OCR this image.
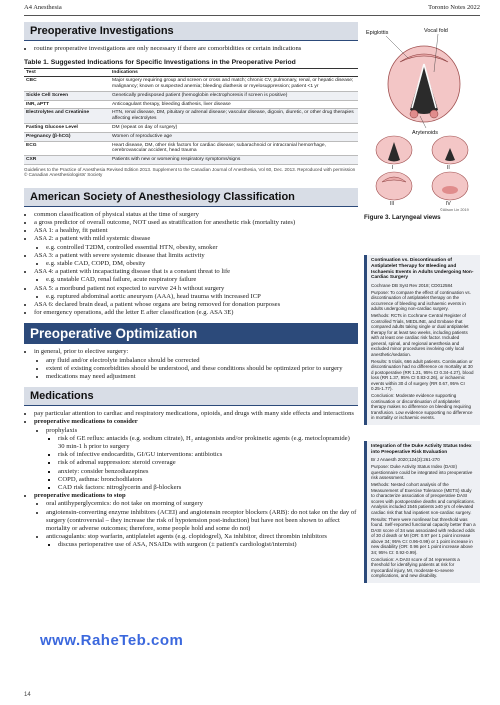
A4 Anesthesia	Toronto Notes 2022
Preoperative Investigations
• routine preoperative investigations are only necessary if there are comorbidities or certain indications
Table 1. Suggested Indications for Specific Investigations in the Preoperative Period
Test	Indications
CBC	Major surgery requiring group and screen or cross and match; chronic CV, pulmonary, renal, or hepatic disease; malignancy; known or suspected anemia; bleeding diathesis or myelosuppression; patient <1 yr
Sickle Cell Screen	Genetically predisposed patient (hemoglobin electrophoresis if screen is positive)
INR, aPTT	Anticoagulant therapy, bleeding diathesis, liver disease
Electrolytes and Creatinine	HTN, renal disease, DM, pituitary or adrenal disease; vascular disease, digoxin, diuretic, or other drug therapies affecting electrolytes
Fasting Glucose Level	DM (repeat on day of surgery)
Pregnancy (β-hCG)	Women of reproductive age
ECG	Heart disease, DM, other risk factors for cardiac disease; subarachnoid or intracranial hemorrhage, cerebrovascular accident, head trauma
CXR	Patients with new or worsening respiratory symptoms/signs
Guidelines to the Practice of Anesthesia Revised Edition 2013. Supplement to the Canadian Journal of Anesthesia, Vol 60, Dec. 2013. Reproduced with permission © Canadian Anesthesiologists' Society
American Society of Anesthesiology Classification
• common classification of physical status at the time of surgery
• a gross predictor of overall outcome, NOT used as stratification for anesthetic risk (mortality rates)
• ASA 1: a healthy, fit patient
• ASA 2: a patient with mild systemic disease
• e.g. controlled T2DM, controlled essential HTN, obesity, smoker
• ASA 3: a patient with severe systemic disease that limits activity
• e.g. stable CAD, COPD, DM, obesity
• ASA 4: a patient with incapacitating disease that is a constant threat to life
• e.g. unstable CAD, renal failure, acute respiratory failure
• ASA 5: a moribund patient not expected to survive 24 h without surgery
• e.g. ruptured abdominal aortic aneurysm (AAA), head trauma with increased ICP
• ASA 6: declared brain dead, a patient whose organs are being removed for donation purposes
• for emergency operations, add the letter E after classification (e.g. ASA 3E)
Preoperative Optimization
• in general, prior to elective surgery:
• any fluid and/or electrolyte imbalance should be corrected
• extent of existing comorbidities should be understood, and these conditions should be optimized prior to surgery
• medications may need adjustment
Medications
• pay particular attention to cardiac and respiratory medications, opioids, and drugs with many side effects and interactions
• preoperative medications to consider
• prophylaxis
▪ risk of GE reflux: antacids (e.g. sodium citrate), H₂ antagonists and/or prokinetic agents (e.g. metoclopramide) 30 min-1 h prior to surgery
▪ risk of infective endocarditis, GI/GU interventions: antibiotics
▪ risk of adrenal suppression: steroid coverage
▪ anxiety: consider benzodiazepines
▪ COPD, asthma: bronchodilators
▪ CAD risk factors: nitroglycerin and β-blockers
• preoperative medications to stop
• oral antihyperglycemics: do not take on morning of surgery
• angiotensin-converting enzyme inhibitors (ACEI) and angiotensin receptor blockers (ARB): do not take on the day of surgery (controversial – they increase the risk of hypotension post-induction) but have not been shown to affect mortality or adverse outcomes; therefore, some people hold and some do not)
• anticoagulants: stop warfarin, antiplatelet agents (e.g. clopidogrel), Xa inhibitor, direct thrombin inhibitors
▪ discuss perioperative use of ASA, NSAIDs with surgeon (± patient's cardiologist/internist)
Epiglottis	Vocal fold
Arytenoids
I	II
III	IV
©Alison Lin 2019
Figure 3. Laryngeal views
Continuation vs. Discontinuation of Antiplatelet Therapy for Bleeding and Ischaemic Events in Adults Undergoing Non-Cardiac Surgery

Cochrane DB Syst Rev 2018; CD012584

Purpose: To compare the effect of continuation vs. discontinuation of antiplatelet therapy on the occurrence of bleeding and ischaemic events in adults undergoing non-cardiac surgery.

Methods: RCTs in Cochrane Central Register of Controlled Trials, MEDLINE, and Embase that compared adults taking single or dual antiplatelet therapy for at least two weeks, including patients with at least one cardiac risk factor. Included general, spinal, and regional anesthesia and excluded minor procedures involving only local anesthetic/sedation.

Results: 5 trials, 666 adult patients. Continuation or discontinuation had no difference on mortality at 30 d postoperative (RR 1.21, 95% CI 0.34-4.27), blood loss (RR 1.37, 95% CI 0.83-2.26), or ischaemic events within 30 d of surgery (RR 0.67, 95% CI 0.25-1.77).

Conclusion: Moderate evidence supporting continuation or discontinuation of antiplatelet therapy makes no difference on bleeding requiring transfusion. Low evidence supporting no difference in mortality or ischaemic events.

Integration of the Duke Activity Status Index into Preoperative Risk Evaluation

Br J Anaesth 2020;124(3):261-270

Purpose: Duke Activity Status Index (DASI) questionnaire could be integrated into preoperative risk assessment.

Methods: Nested cohort analysis of the Measurement of Exercise Tolerance (METS) study to characterize association of preoperative DASI scores with postoperative deaths and complications. Analysis included 1546 patients ≥40 yrs of elevated cardiac risk that had inpatient non-cardiac surgery.

Results: There were nonlinear but threshold was found. Self-reported functional capacity better than a DASI score of 34 was associated with reduced odds of 30 d death or MI (OR: 0.97 per 1 point increase above 34; 95% CI: 0.96-0.99) or 1 point increase in new disability (OR: 0.96 per 1 point increase above 34; 95% CI: 0.92-0.99).

Conclusion: A DASI score of 34 represents a threshold for identifying patients at risk for myocardial injury, MI, moderate-to-severe complications, and new disability.

www.RaheTeb.com
14
